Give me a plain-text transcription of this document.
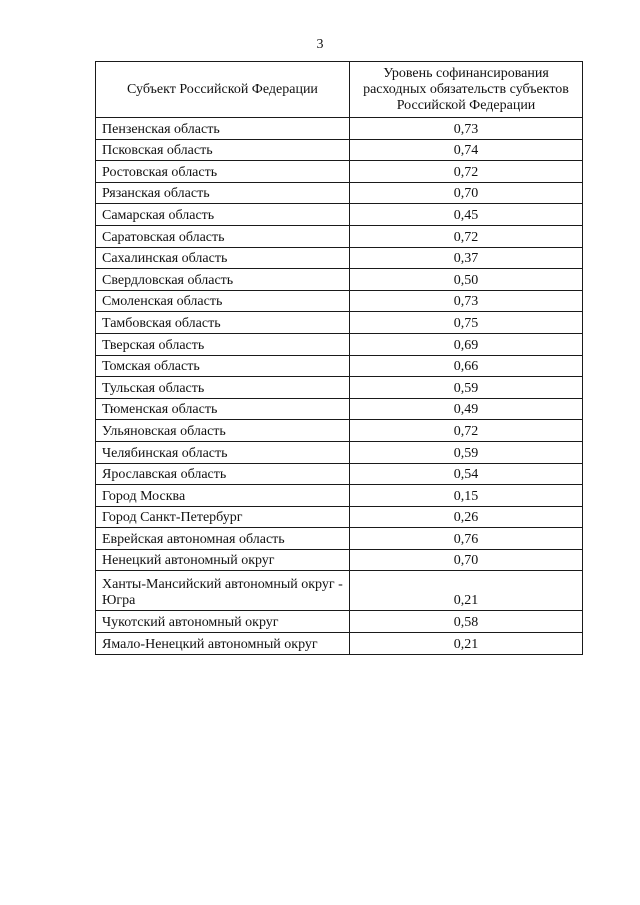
3
Субъект Российской Федерации	Уровень софинансирования расходных обязательств субъектов Российской Федерации
Пензенская область	0,73
Псковская область	0,74
Ростовская область	0,72
Рязанская область	0,70
Самарская область	0,45
Саратовская область	0,72
Сахалинская область	0,37
Свердловская область	0,50
Смоленская область	0,73
Тамбовская область	0,75
Тверская область	0,69
Томская область	0,66
Тульская область	0,59
Тюменская область	0,49
Ульяновская область	0,72
Челябинская область	0,59
Ярославская область	0,54
Город Москва	0,15
Город Санкт-Петербург	0,26
Еврейская автономная область	0,76
Ненецкий автономный округ	0,70
Ханты-Мансийский автономный округ - Югра	0,21
Чукотский автономный округ	0,58
Ямало-Ненецкий автономный округ	0,21
